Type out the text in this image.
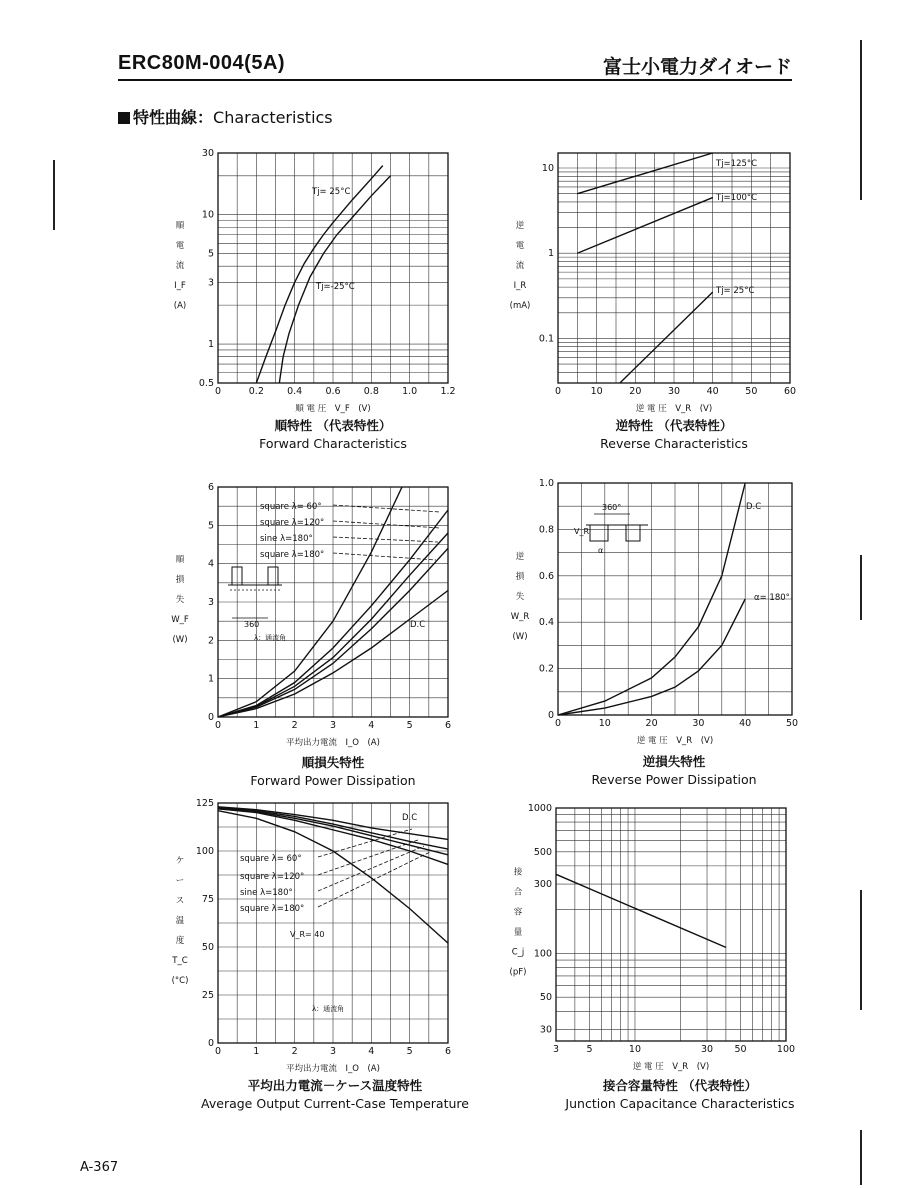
ERC80M-004(5A)	富士小電力ダイオード
特性曲線：Characteristics
0	0.2 0.4 0.6 0.8 1.0 1.2
0.5
1
3
5
10
30
順 電 圧　V_F　(V)
順
電
流
I_F
(A)
0	10	20	30	40	50	60
0.1
1
10
逆 電 圧　V_R　(V)
逆
電
流
I_R
(mA)
0	1	2	3	4	5	6
0
1
2
3
4
5
6
平均出力電流　I_O　(A)
順
損
失
W_F
(W)
0	10	20	30	40	50
0
0.2
0.4
0.6
0.8
1.0
逆 電 圧　V_R　(V)
逆
損
失
W_R
(W)
0	1	2	3	4	5	6
0
25
50
75
100
125
平均出力電流　I_O　(A)
ケ
ー
ス
温
度
T_C
(°C)
3	5	10	30 50	100
30
50
100
300
500
1000
逆 電 圧　V_R　(V)
接
合
容
量
C_j
(pF)
Tj= 25°C
Tj=-25°C
Tj=125°C
Tj=100°C
Tj= 25°C
square λ= 60°
square λ=120°
sine λ=180°
square λ=180°
D.C
D.C
α= 180°
D.C
square λ= 60°
square λ=120°
sine λ=180°
square λ=180°
360
λ：通流角
360°
V_R
α
V_R= 40
λ：通流角
順特性 （代表特性）
Forward Characteristics
逆特性 （代表特性）
Reverse Characteristics
順損失特性
Forward Power Dissipation
逆損失特性
Reverse Power Dissipation
平均出力電流－ケース温度特性
Average Output Current-Case Temperature
接合容量特性 （代表特性）
Junction Capacitance Characteristics
A-367
